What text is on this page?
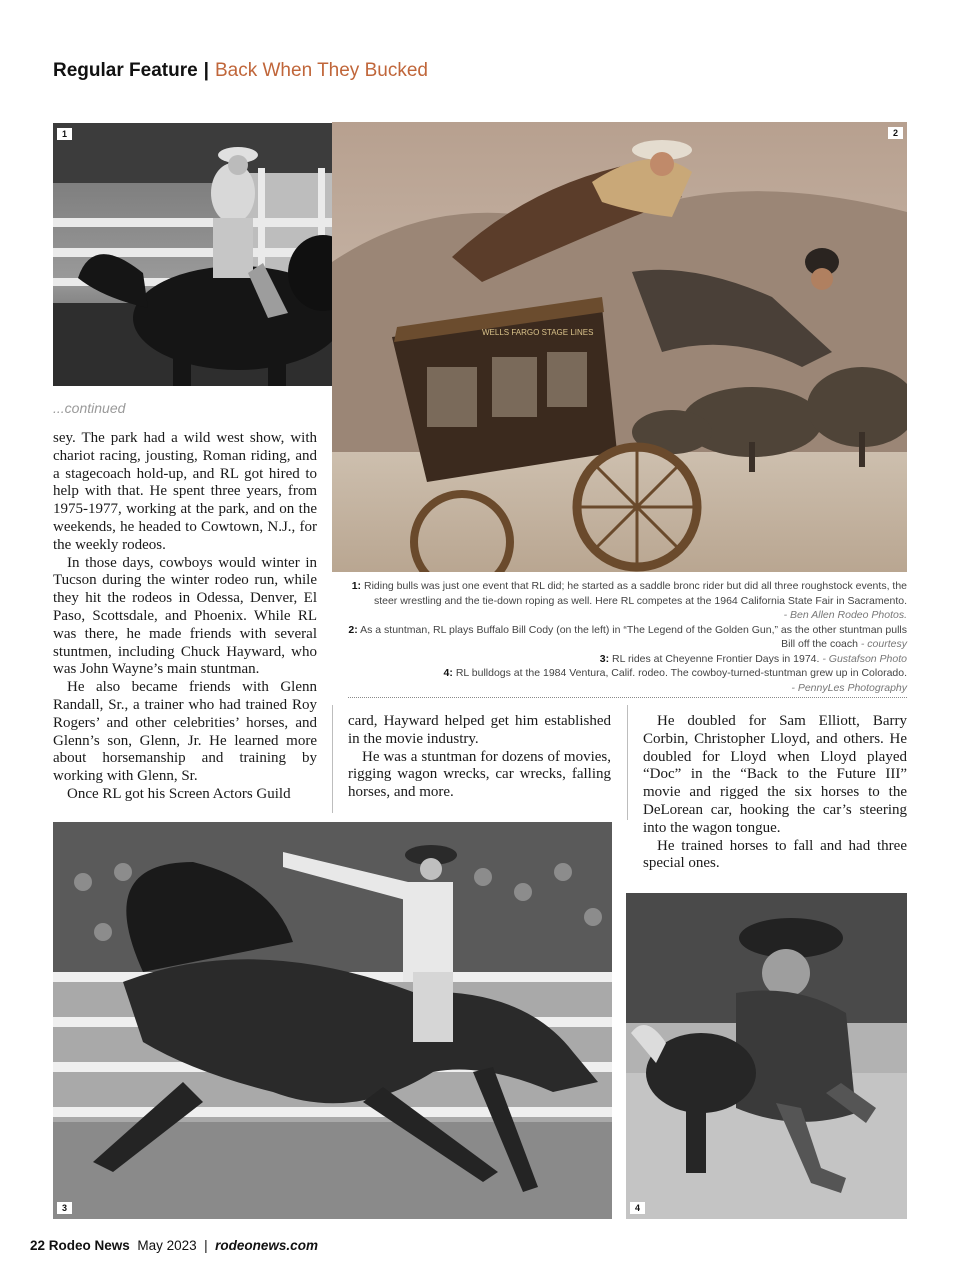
Regular Feature | Back When They Bucked
1
WELLS FARGO STAGE LINES
2
...continued

sey. The park had a wild west show, with chariot racing, jousting, Roman riding, and a stagecoach hold-up, and RL got hired to help with that. He spent three years, from 1975-1977, working at the park, and on the weekends, he headed to Cowtown, N.J., for the weekly rodeos.

In those days, cowboys would winter in Tucson during the winter rodeo run, while they hit the rodeos in Odessa, Denver, El Paso, Scottsdale, and Phoenix. While RL was there, he made friends with several stuntmen, including Chuck Hayward, who was John Wayne’s main stuntman.

He also became friends with Glenn Randall, Sr., a trainer who had trained Roy Rogers’ and other celebrities’ horses, and Glenn’s son, Glenn, Jr. He learned more about horsemanship and training by working with Glenn, Sr.

Once RL got his Screen Actors Guild

1: Riding bulls was just one event that RL did; he started as a saddle bronc rider but did all three roughstock events, the steer wrestling and the tie-down roping as well. Here RL competes at the 1964 California State Fair in Sacramento.

- Ben Allen Rodeo Photos.

2: As a stuntman, RL plays Buffalo Bill Cody (on the left) in “The Legend of the Golden Gun,” as the other stuntman pulls Bill off the coach - courtesy

3: RL rides at Cheyenne Frontier Days in 1974. - Gustafson Photo

4: RL bulldogs at the 1984 Ventura, Calif. rodeo. The cowboy-turned-stuntman grew up in Colorado.

- PennyLes Photography

card, Hayward helped get him established in the movie industry.

He was a stuntman for dozens of movies, rigging wagon wrecks, car wrecks, falling horses, and more.

He doubled for Sam Elliott, Barry Corbin, Christopher Lloyd, and others. He doubled for Lloyd when Lloyd played “Doc” in the “Back to the Future III” movie and rigged the six horses to the DeLorean car, hooking the car’s steering into the wagon tongue.

He trained horses to fall and had three special ones.

3	4
22 Rodeo News May 2023 | rodeonews.com
